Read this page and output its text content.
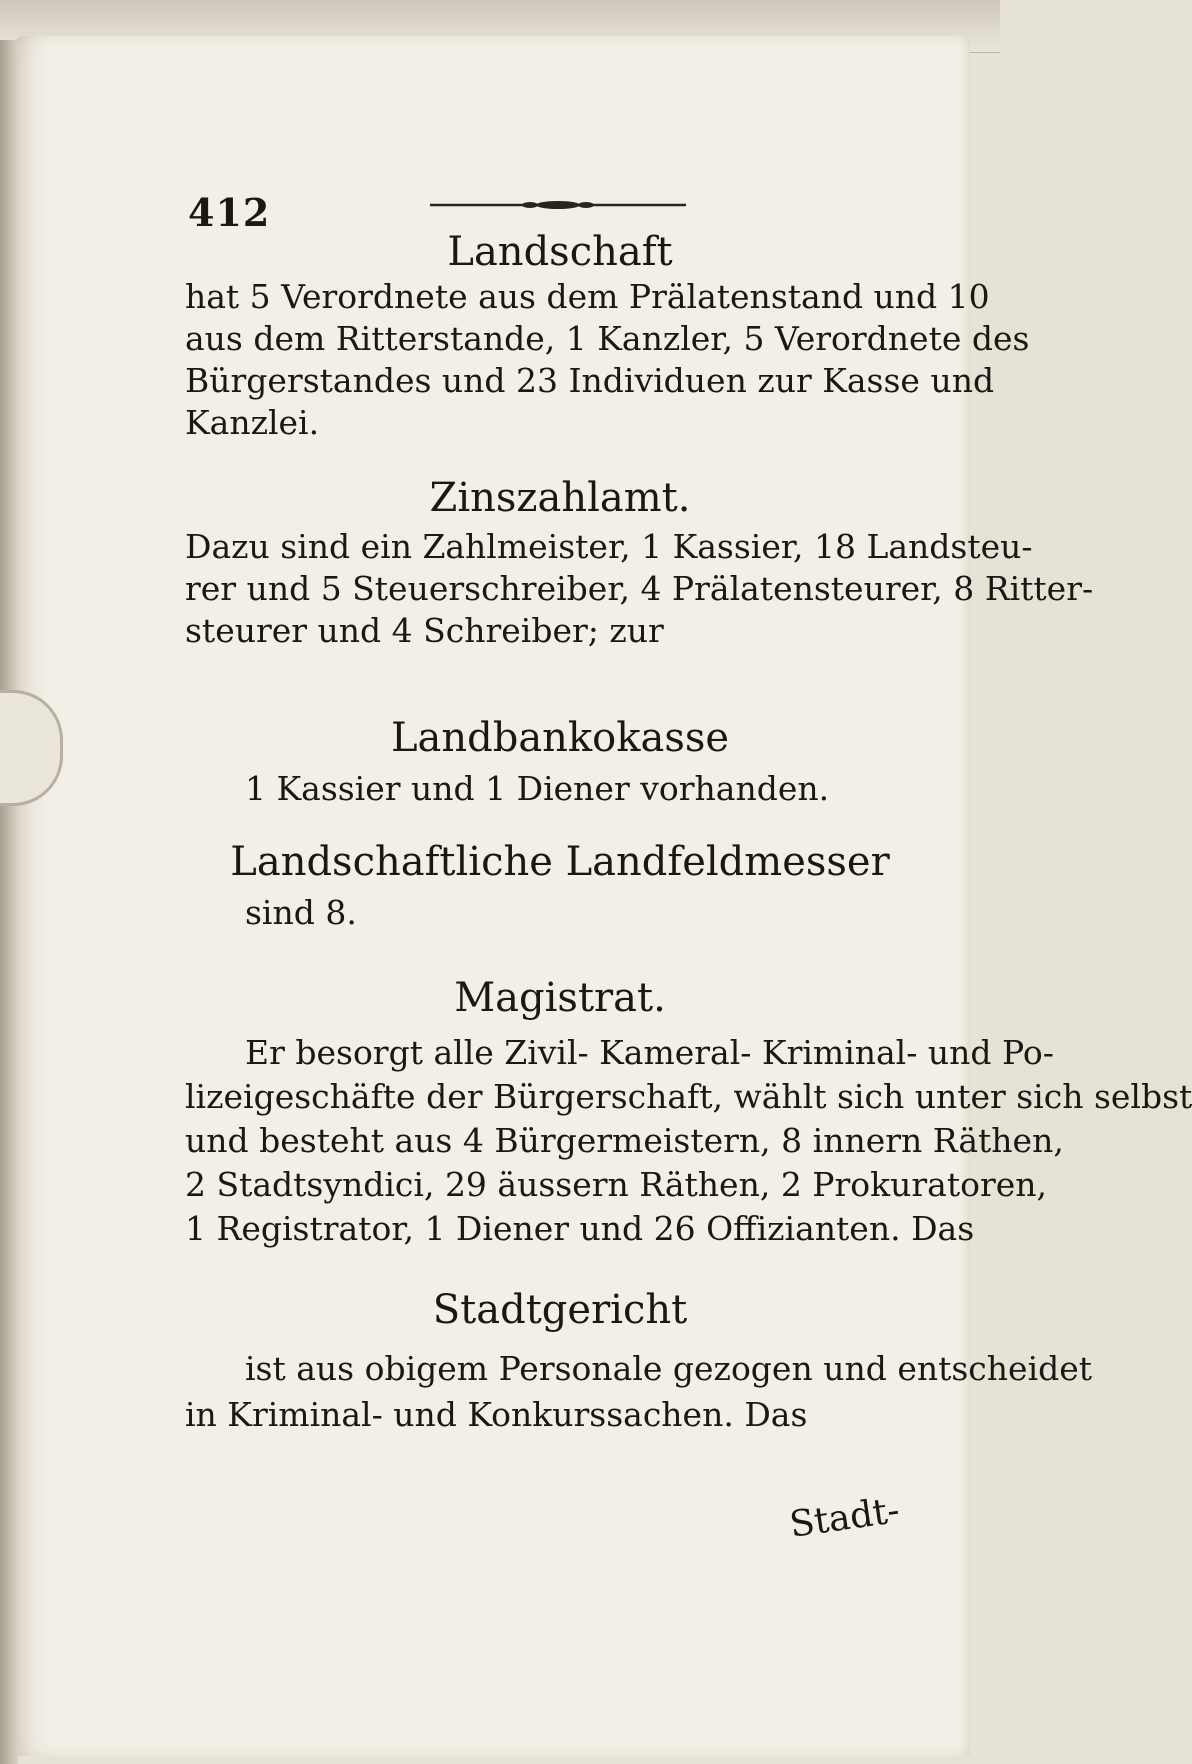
412
Landschaft
hat 5 Verordnete aus dem Prälatenstand und 10
aus dem Ritterstande, 1 Kanzler, 5 Verordnete des
Bürgerstandes und 23 Individuen zur Kasse und
Kanzlei.
Zinszahlamt.
Dazu sind ein Zahlmeister, 1 Kassier, 18 Landsteu-
rer und 5 Steuerschreiber, 4 Prälatensteurer, 8 Ritter-
steurer und 4 Schreiber; zur
Landbankokasse
1 Kassier und 1 Diener vorhanden.
Landschaftliche Landfeldmesser
sind 8.
Magistrat.
Er besorgt alle Zivil- Kameral- Kriminal- und Po-
lizeigeschäfte der Bürgerschaft, wählt sich unter sich selbst
und besteht aus 4 Bürgermeistern, 8 innern Räthen,
2 Stadtsyndici, 29 äussern Räthen, 2 Prokuratoren,
1 Registrator, 1 Diener und 26 Offizianten. Das
Stadtgericht
ist aus obigem Personale gezogen und entscheidet
in Kriminal- und Konkurssachen. Das
Stadt-
